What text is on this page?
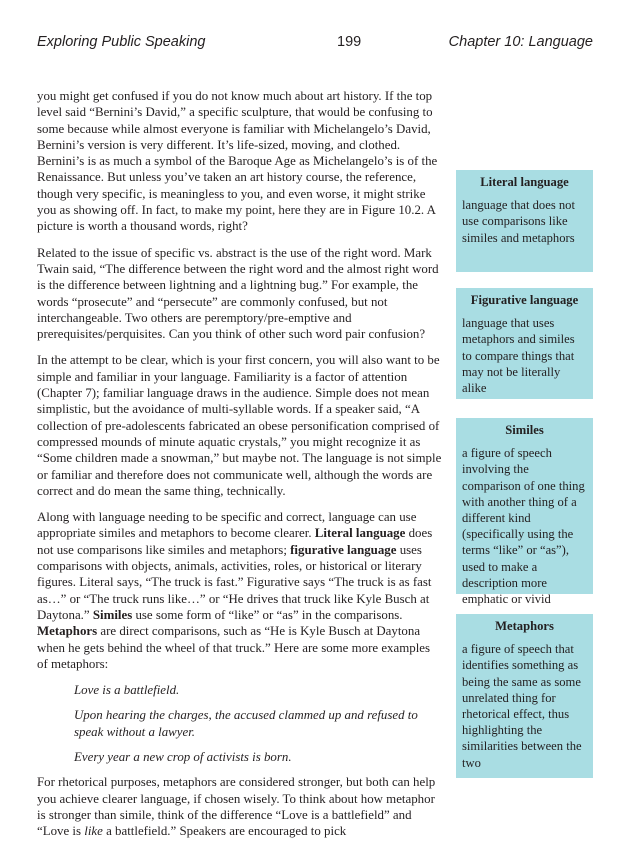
Exploring Public Speaking	199	Chapter 10: Language

you might get confused if you do not know much about art history. If the top level said “Bernini’s David,” a specific sculpture, that would be confusing to some because while almost everyone is familiar with Michelangelo’s David, Bernini’s version is very different. It’s life-sized, moving, and clothed. Bernini’s is as much a symbol of the Baroque Age as Michelangelo’s is of the Renaissance. But unless you’ve taken an art history course, the reference, though very specific, is meaningless to you, and even worse, it might strike you as showing off. In fact, to make my point, here they are in Figure 10.2. A picture is worth a thousand words, right?

Related to the issue of specific vs. abstract is the use of the right word. Mark Twain said, “The difference between the right word and the almost right word is the difference between lightning and a lightning bug.” For example, the words “prosecute” and “persecute” are commonly confused, but not interchangeable. Two others are peremptory/pre-emptive and prerequisites/perquisites. Can you think of other such word pair confusion?

In the attempt to be clear, which is your first concern, you will also want to be simple and familiar in your language. Familiarity is a factor of attention (Chapter 7); familiar language draws in the audience. Simple does not mean simplistic, but the avoidance of multi-syllable words. If a speaker said, “A collection of pre-adolescents fabricated an obese personification comprised of compressed mounds of minute aquatic crystals,” you might recognize it as “Some children made a snowman,” but maybe not. The language is not simple or familiar and therefore does not communicate well, although the words are correct and do mean the same thing, technically.

Along with language needing to be specific and correct, language can use appropriate similes and metaphors to become clearer. Literal language does not use comparisons like similes and metaphors; figurative language uses comparisons with objects, animals, activities, roles, or historical or literary figures. Literal says, “The truck is fast.” Figurative says “The truck is as fast as…” or “The truck runs like…” or “He drives that truck like Kyle Busch at Daytona.” Similes use some form of “like” or “as” in the comparisons. Metaphors are direct comparisons, such as “He is Kyle Busch at Daytona when he gets behind the wheel of that truck.” Here are some more examples of metaphors:

Love is a battlefield.

Upon hearing the charges, the accused clammed up and refused to speak without a lawyer.

Every year a new crop of activists is born.

For rhetorical purposes, metaphors are considered stronger, but both can help you achieve clearer language, if chosen wisely. To think about how metaphor is stronger than simile, think of the difference “Love is a battlefield” and “Love is like a battlefield.” Speakers are encouraged to pick

Literal language

language that does not use comparisons like similes and metaphors

Figurative language

language that uses metaphors and similes to compare things that may not be literally alike

Similes

a figure of speech involving the comparison of one thing with another thing of a different kind (specifically using the terms “like” or “as”), used to make a description more emphatic or vivid

Metaphors

a figure of speech that identifies something as being the same as some unrelated thing for rhetorical effect, thus highlighting the similarities between the two
